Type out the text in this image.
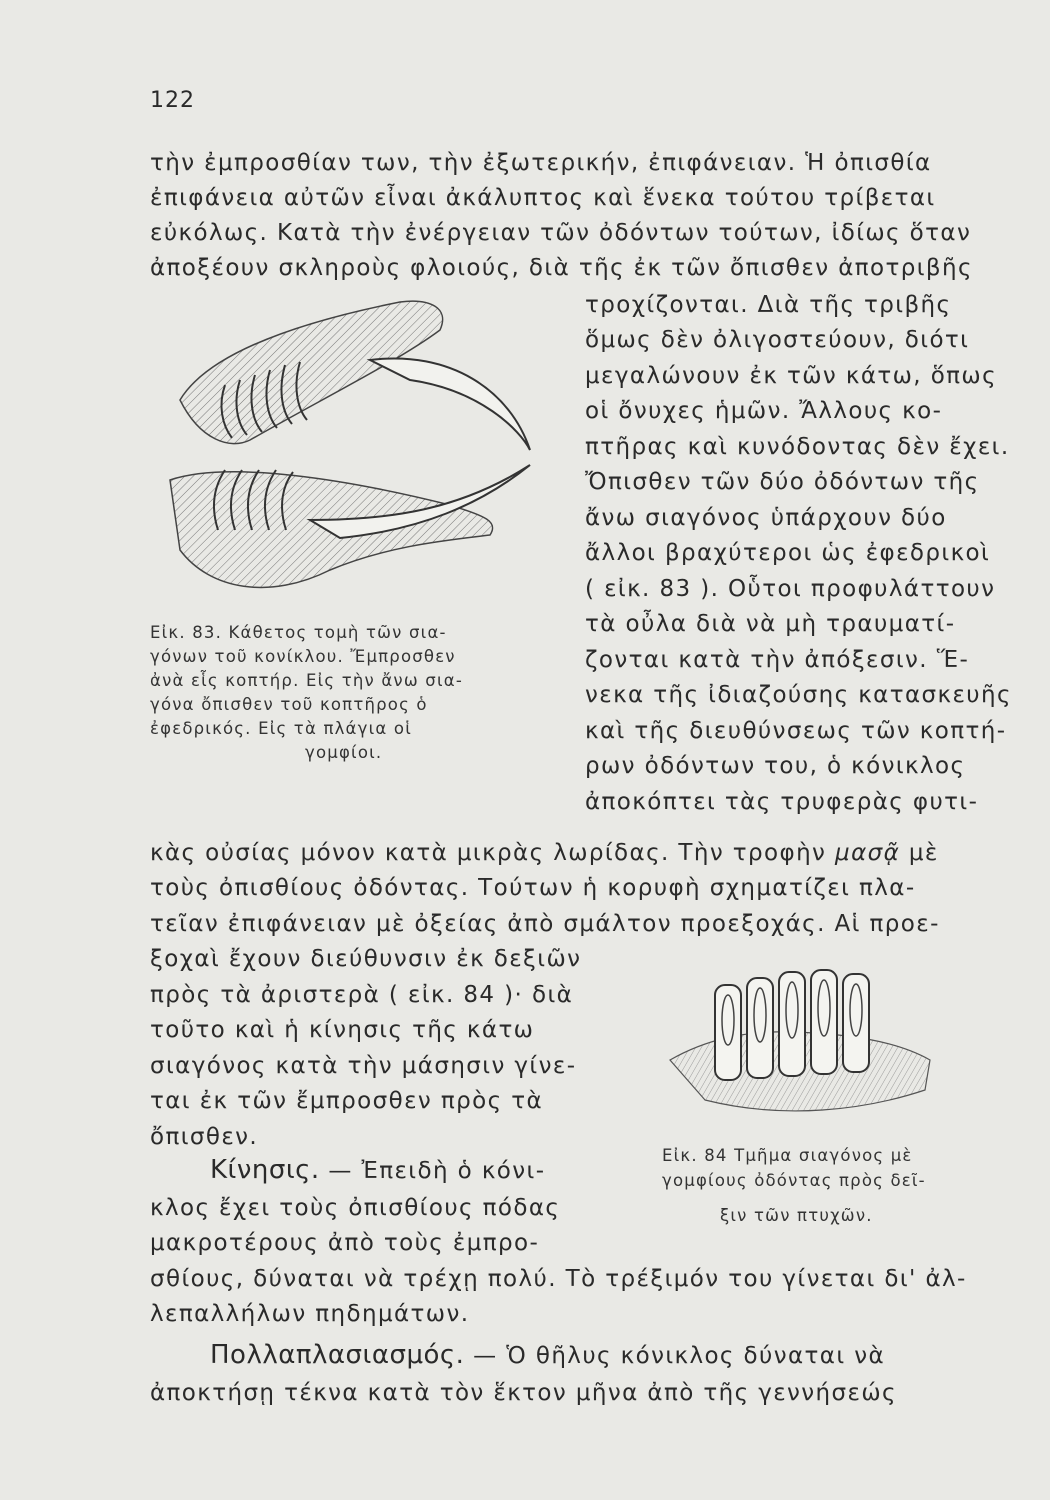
122
τὴν ἐμπροσθίαν των, τὴν ἐξωτερικήν, ἐπιφάνειαν. Ἡ ὀπισθία
ἐπιφάνεια αὐτῶν εἶναι ἀκάλυπτος καὶ ἕνεκα τούτου τρίβεται
εὐκόλως. Κατὰ τὴν ἐνέργειαν τῶν ὀδόντων τούτων, ἰδίως ὅταν
ἀποξέουν σκληροὺς φλοιούς, διὰ τῆς ἐκ τῶν ὄπισθεν ἀποτριβῆς
τροχίζονται. Διὰ τῆς τριβῆς
ὅμως δὲν ὀλιγοστεύουν, διότι
μεγαλώνουν ἐκ τῶν κάτω, ὅπως
οἱ ὄνυχες ἡμῶν. Ἄλλους κο-
πτῆρας καὶ κυνόδοντας δὲν ἔχει.
Ὄπισθεν τῶν δύο ὀδόντων τῆς
ἄνω σιαγόνος ὑπάρχουν δύο
ἄλλοι βραχύτεροι ὡς ἐφεδρικοὶ
( εἰκ. 83 ). Οὗτοι προφυλάττουν
τὰ οὖλα διὰ νὰ μὴ τραυματί-
ζονται κατὰ τὴν ἀπόξεσιν. Ἕ-
νεκα τῆς ἰδιαζούσης κατασκευῆς
καὶ τῆς διευθύνσεως τῶν κοπτή-
ρων ὀδόντων του, ὁ κόνικλος
ἀποκόπτει τὰς τρυφερὰς φυτι-
Εἰκ. 83. Κάθετος τομὴ τῶν σια-
γόνων τοῦ κονίκλου. Ἔμπροσθεν
ἀνὰ εἷς κοπτήρ. Εἰς τὴν ἄνω σια-
γόνα ὄπισθεν τοῦ κοπτῆρος ὁ
ἐφεδρικός. Εἰς τὰ πλάγια οἱ
γομφίοι.
κὰς οὐσίας μόνον κατὰ μικρὰς λωρίδας. Τὴν τροφὴν μασᾷ μὲ
τοὺς ὀπισθίους ὀδόντας. Τούτων ἡ κορυφὴ σχηματίζει πλα-
τεῖαν ἐπιφάνειαν μὲ ὀξείας ἀπὸ σμάλτον προεξοχάς. Αἱ προε-
ξοχαὶ ἔχουν διεύθυνσιν ἐκ δεξιῶν
πρὸς τὰ ἀριστερὰ ( εἰκ. 84 )· διὰ
τοῦτο καὶ ἡ κίνησις τῆς κάτω
σιαγόνος κατὰ τὴν μάσησιν γίνε-
ται ἐκ τῶν ἔμπροσθεν πρὸς τὰ
ὄπισθεν.
Κίνησις. — Ἐπειδὴ ὁ κόνι-
κλος ἔχει τοὺς ὀπισθίους πόδας
μακροτέρους ἀπὸ τοὺς ἐμπρο-
Εἰκ. 84 Τμῆμα σιαγόνος μὲ
γομφίους ὀδόντας πρὸς δεῖ-
ξιν τῶν πτυχῶν.
σθίους, δύναται νὰ τρέχῃ πολύ. Τὸ τρέξιμόν του γίνεται δι' ἀλ-
λεπαλλήλων πηδημάτων.
Πολλαπλασιασμός. — Ὁ θῆλυς κόνικλος δύναται νὰ
ἀποκτήσῃ τέκνα κατὰ τὸν ἕκτον μῆνα ἀπὸ τῆς γεννήσεώς
